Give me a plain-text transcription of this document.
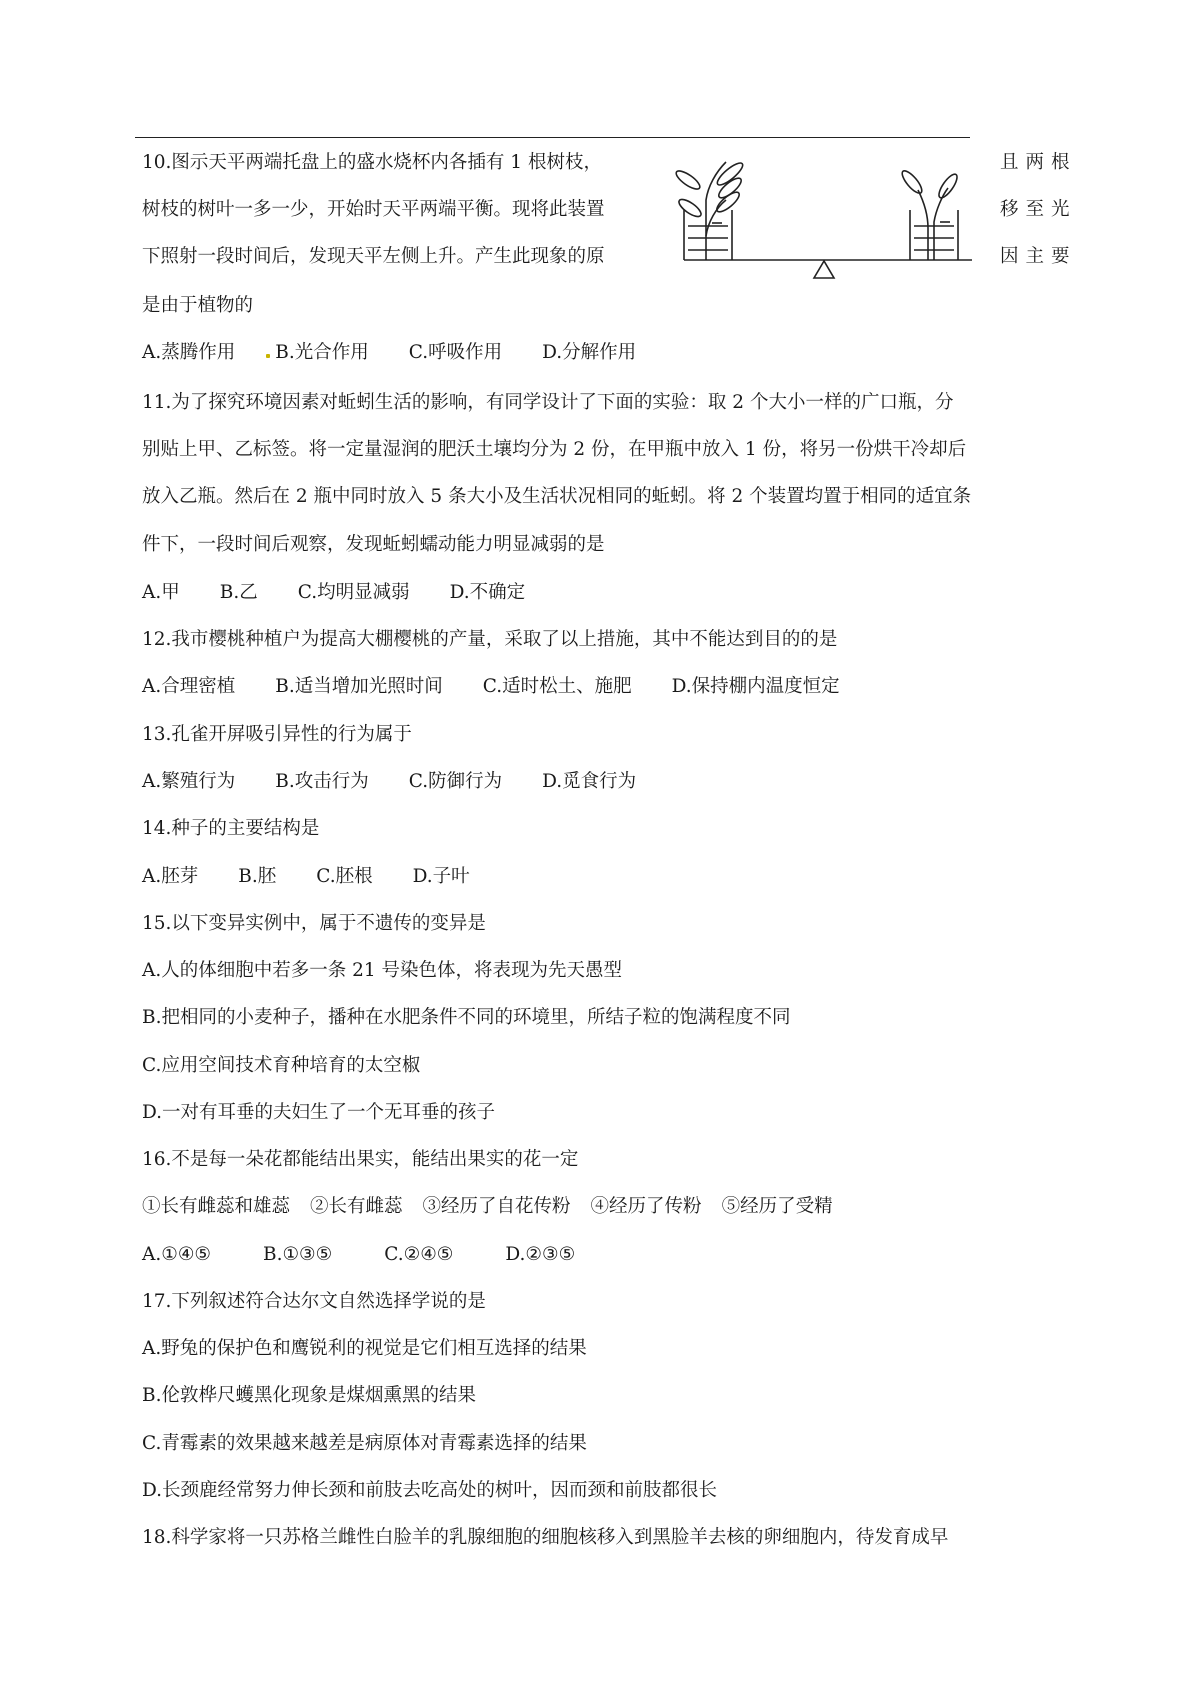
10.图示天平两端托盘上的盛水烧杯内各插有 1 根树枝，	且两根
树枝的树叶一多一少，开始时天平两端平衡。现将此装置	移至光
下照射一段时间后，发现天平左侧上升。产生此现象的原	因主要
是由于植物的
A.蒸腾作用 B.光合作用 C.呼吸作用 D.分解作用
11.为了探究环境因素对蚯蚓生活的影响，有同学设计了下面的实验：取 2 个大小一样的广口瓶，分
别贴上甲、乙标签。将一定量湿润的肥沃土壤均分为 2 份，在甲瓶中放入 1 份，将另一份烘干冷却后
放入乙瓶。然后在 2 瓶中同时放入 5 条大小及生活状况相同的蚯蚓。将 2 个装置均置于相同的适宜条
件下，一段时间后观察，发现蚯蚓蠕动能力明显减弱的是
A.甲 B.乙 C.均明显减弱 D.不确定
12.我市樱桃种植户为提高大棚樱桃的产量，采取了以上措施，其中不能达到目的的是
A.合理密植 B.适当增加光照时间 C.适时松土、施肥 D.保持棚内温度恒定
13.孔雀开屏吸引异性的行为属于
A.繁殖行为 B.攻击行为 C.防御行为 D.觅食行为
14.种子的主要结构是
A.胚芽 B.胚 C.胚根 D.子叶
15.以下变异实例中，属于不遗传的变异是
A.人的体细胞中若多一条 21 号染色体，将表现为先天愚型
B.把相同的小麦种子，播种在水肥条件不同的环境里，所结子粒的饱满程度不同
C.应用空间技术育种培育的太空椒
D.一对有耳垂的夫妇生了一个无耳垂的孩子
16.不是每一朵花都能结出果实，能结出果实的花一定
①长有雌蕊和雄蕊 ②长有雌蕊 ③经历了自花传粉 ④经历了传粉 ⑤经历了受精
A.①④⑤	B.①③⑤	C.②④⑤	D.②③⑤
17.下列叙述符合达尔文自然选择学说的是
A.野兔的保护色和鹰锐利的视觉是它们相互选择的结果
B.伦敦桦尺蠖黑化现象是煤烟熏黑的结果
C.青霉素的效果越来越差是病原体对青霉素选择的结果
D.长颈鹿经常努力伸长颈和前肢去吃高处的树叶，因而颈和前肢都很长
18.科学家将一只苏格兰雌性白脸羊的乳腺细胞的细胞核移入到黑脸羊去核的卵细胞内，待发育成早
